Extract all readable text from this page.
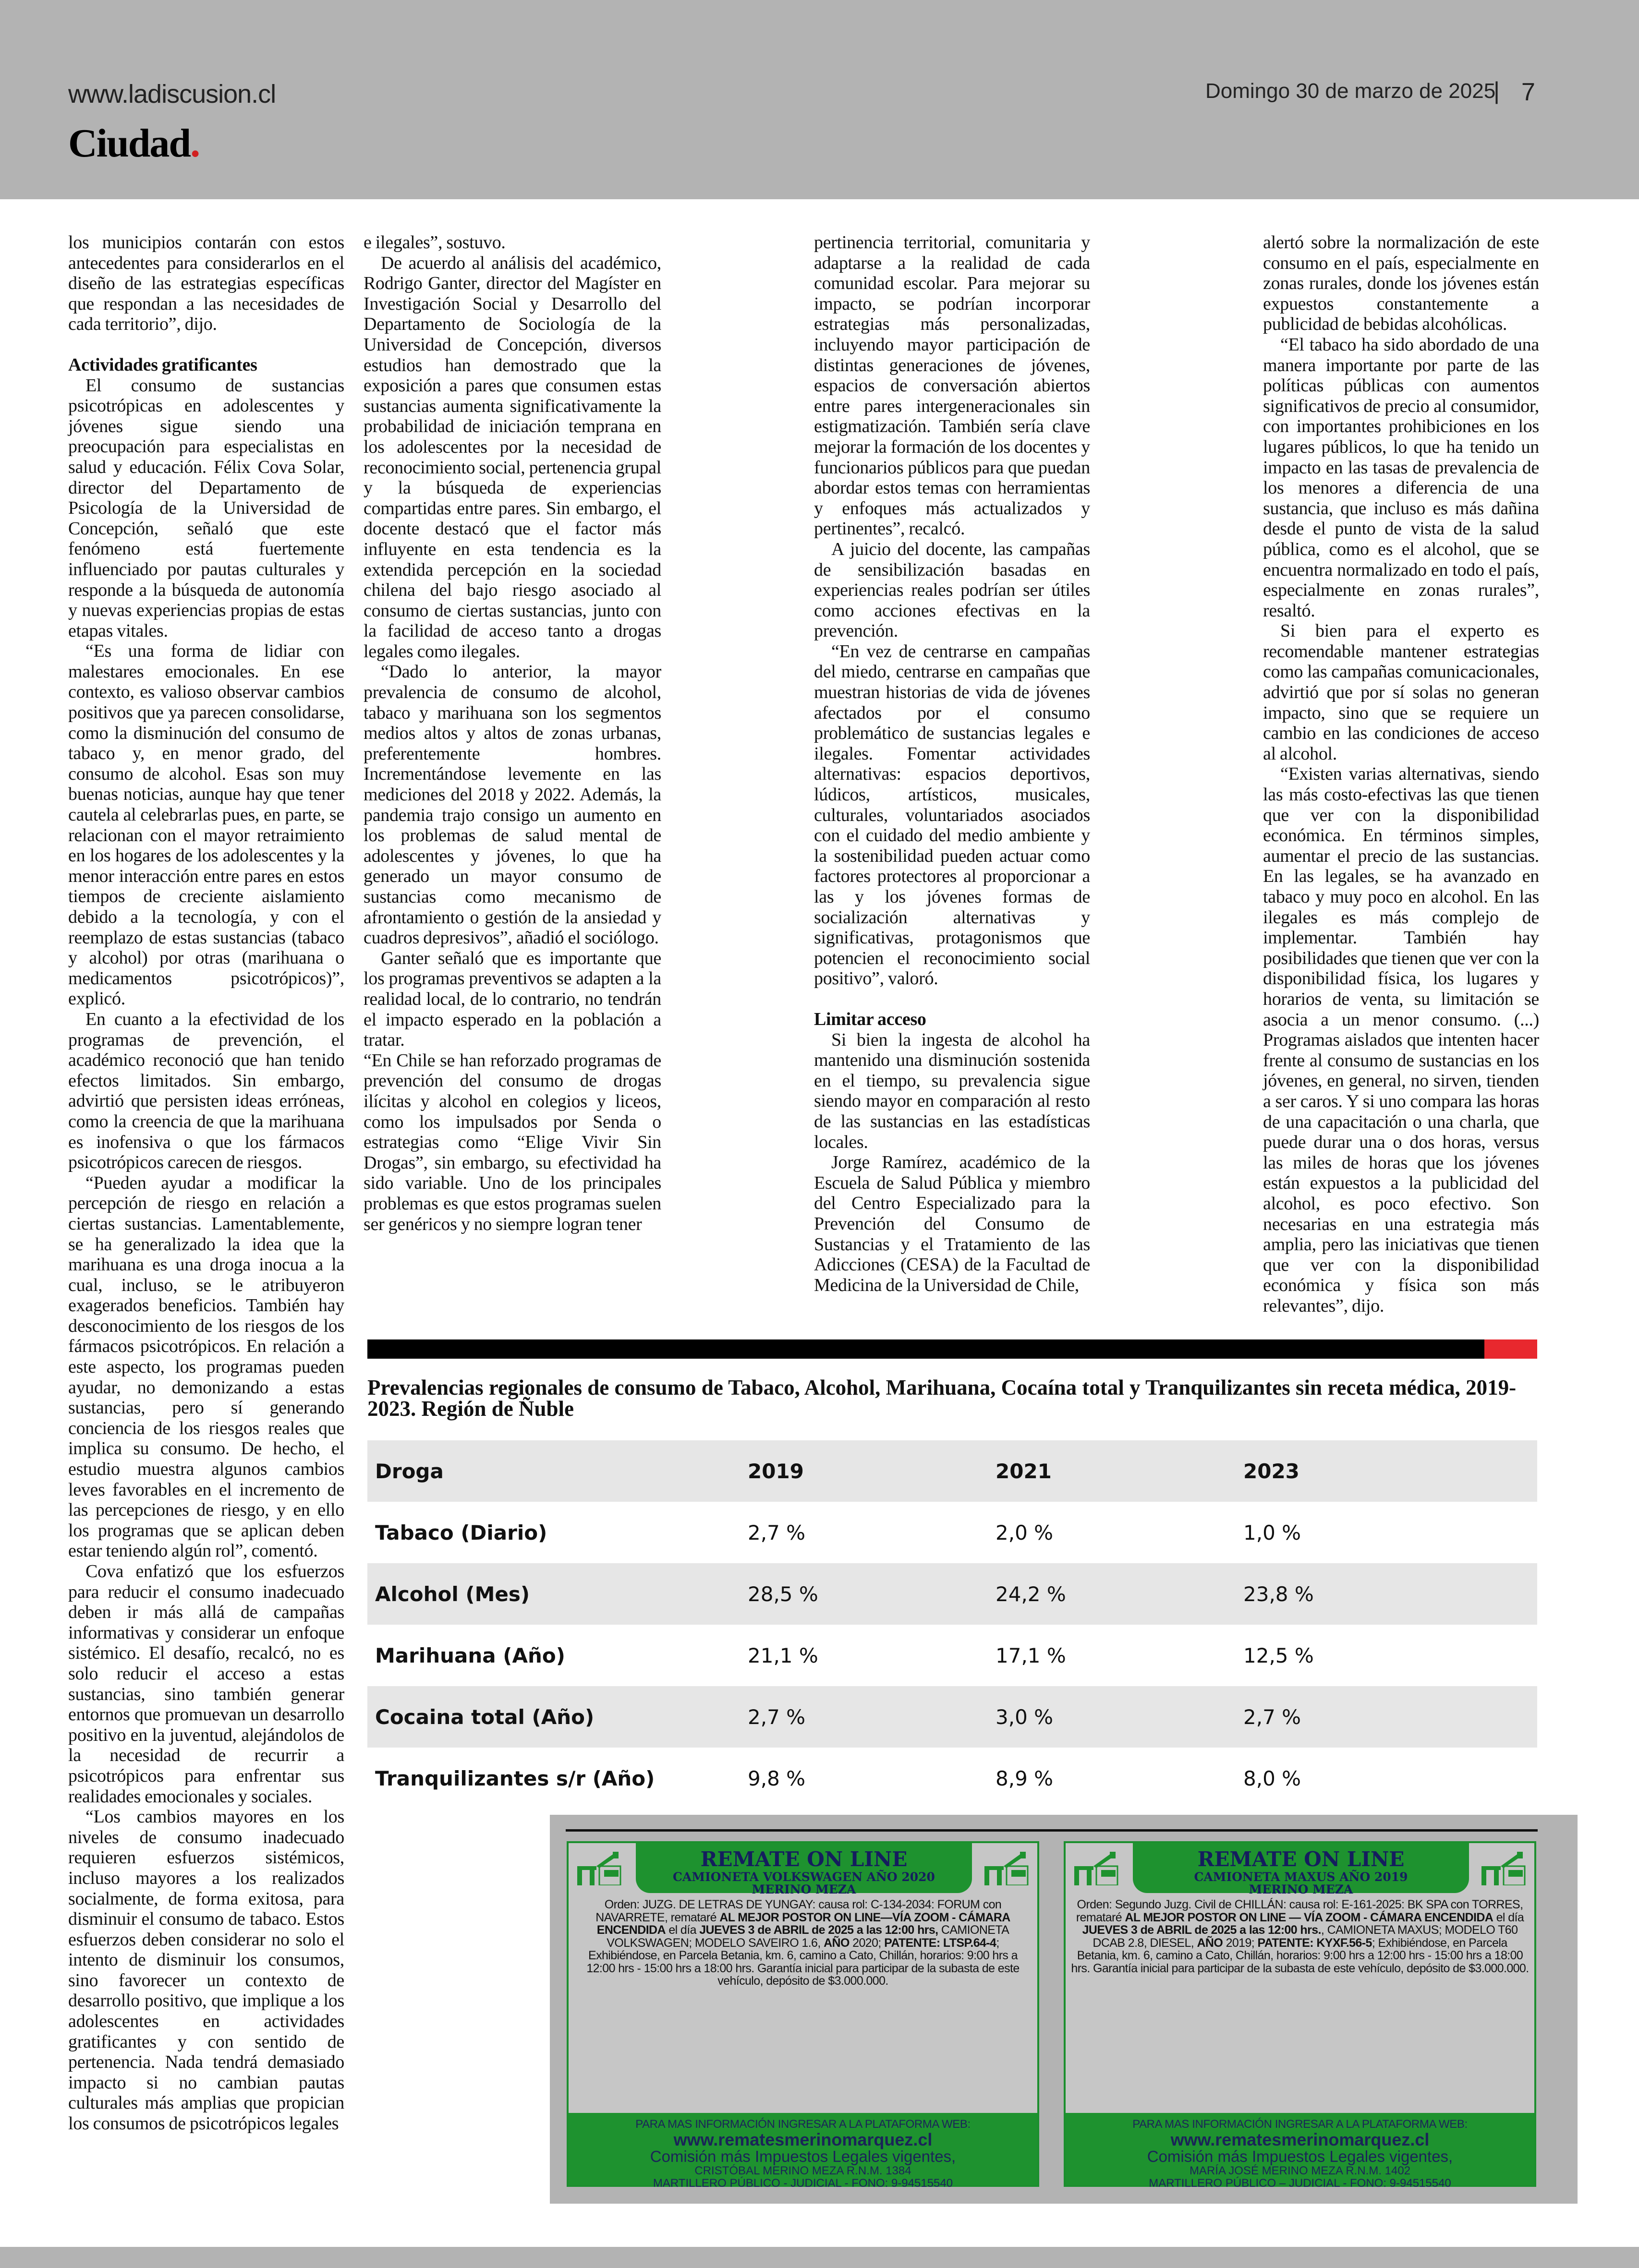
www.ladiscusion.cl
Ciudad.
Domingo 30 de marzo de 2025
| 7

los municipios contarán con estos antecedentes para considerarlos en el diseño de las estrategias específicas que respondan a las necesidades de cada territorio”, dijo.

Actividades gratificantes

El consumo de sustancias psicotrópicas en adolescentes y jóvenes sigue siendo una preocupación para especialistas en salud y educación. Félix Cova Solar, director del Departamento de Psicología de la Universidad de Concepción, señaló que este fenómeno está fuertemente influenciado por pautas culturales y responde a la búsqueda de autonomía y nuevas experiencias propias de estas etapas vitales.

“Es una forma de lidiar con malestares emocionales. En ese contexto, es valioso observar cambios positivos que ya parecen consolidarse, como la disminución del consumo de tabaco y, en menor grado, del consumo de alcohol. Esas son muy buenas noticias, aunque hay que tener cautela al celebrarlas pues, en parte, se relacionan con el mayor retraimiento en los hogares de los adolescentes y la menor interacción entre pares en estos tiempos de creciente aislamiento debido a la tecnología, y con el reemplazo de estas sustancias (tabaco y alcohol) por otras (marihuana o medicamentos psicotrópicos)”, explicó.

En cuanto a la efectividad de los programas de prevención, el académico reconoció que han tenido efectos limitados. Sin embargo, advirtió que persisten ideas erróneas, como la creencia de que la marihuana es inofensiva o que los fármacos psicotrópicos carecen de riesgos.

“Pueden ayudar a modificar la percepción de riesgo en relación a ciertas sustancias. Lamentablemente, se ha generalizado la idea que la marihuana es una droga inocua a la cual, incluso, se le atribuyeron exagerados beneficios. También hay desconocimiento de los riesgos de los fármacos psicotrópicos. En relación a este aspecto, los programas pueden ayudar, no demonizando a estas sustancias, pero sí generando conciencia de los riesgos reales que implica su consumo. De hecho, el estudio muestra algunos cambios leves favorables en el incremento de las percepciones de riesgo, y en ello los programas que se aplican deben estar teniendo algún rol”, comentó.

Cova enfatizó que los esfuerzos para reducir el consumo inadecuado deben ir más allá de campañas informativas y considerar un enfoque sistémico. El desafío, recalcó, no es solo reducir el acceso a estas sustancias, sino también generar entornos que promuevan un desarrollo positivo en la juventud, alejándolos de la necesidad de recurrir a psicotrópicos para enfrentar sus realidades emocionales y sociales.

“Los cambios mayores en los niveles de consumo inadecuado requieren esfuerzos sistémicos, incluso mayores a los realizados socialmente, de forma exitosa, para disminuir el consumo de tabaco. Estos esfuerzos deben considerar no solo el intento de disminuir los consumos, sino favorecer un contexto de desarrollo positivo, que implique a los adolescentes en actividades gratificantes y con sentido de pertenencia. Nada tendrá demasiado impacto si no cambian pautas culturales más amplias que propician los consumos de psicotrópicos legales

e ilegales”, sostuvo.

De acuerdo al análisis del académico, Rodrigo Ganter, director del Magíster en Investigación Social y Desarrollo del Departamento de Sociología de la Universidad de Concepción, diversos estudios han demostrado que la exposición a pares que consumen estas sustancias aumenta significativamente la probabilidad de iniciación temprana en los adolescentes por la necesidad de reconocimiento social, pertenencia grupal y la búsqueda de experiencias compartidas entre pares. Sin embargo, el docente destacó que el factor más influyente en esta tendencia es la extendida percepción en la sociedad chilena del bajo riesgo asociado al consumo de ciertas sustancias, junto con la facilidad de acceso tanto a drogas legales como ilegales.

“Dado lo anterior, la mayor prevalencia de consumo de alcohol, tabaco y marihuana son los segmentos medios altos y altos de zonas urbanas, preferentemente hombres. Incrementándose levemente en las mediciones del 2018 y 2022. Además, la pandemia trajo consigo un aumento en los problemas de salud mental de adolescentes y jóvenes, lo que ha generado un mayor consumo de sustancias como mecanismo de afrontamiento o gestión de la ansiedad y cuadros depresivos”, añadió el sociólogo.

Ganter señaló que es importante que los programas preventivos se adapten a la realidad local, de lo contrario, no tendrán el impacto esperado en la población a tratar.

“En Chile se han reforzado programas de prevención del consumo de drogas ilícitas y alcohol en colegios y liceos, como los impulsados por Senda o estrategias como “Elige Vivir Sin Drogas”, sin embargo, su efectividad ha sido variable. Uno de los principales problemas es que estos programas suelen ser genéricos y no siempre logran tener

pertinencia territorial, comunitaria y adaptarse a la realidad de cada comunidad escolar. Para mejorar su impacto, se podrían incorporar estrategias más personalizadas, incluyendo mayor participación de distintas generaciones de jóvenes, espacios de conversación abiertos entre pares intergeneracionales sin estigmatización. También sería clave mejorar la formación de los docentes y funcionarios públicos para que puedan abordar estos temas con herramientas y enfoques más actualizados y pertinentes”, recalcó.

A juicio del docente, las campañas de sensibilización basadas en experiencias reales podrían ser útiles como acciones efectivas en la prevención.

“En vez de centrarse en campañas del miedo, centrarse en campañas que muestran historias de vida de jóvenes afectados por el consumo problemático de sustancias legales e ilegales. Fomentar actividades alternativas: espacios deportivos, lúdicos, artísticos, musicales, culturales, voluntariados asociados con el cuidado del medio ambiente y la sostenibilidad pueden actuar como factores protectores al proporcionar a las y los jóvenes formas de socialización alternativas y significativas, protagonismos que potencien el reconocimiento social positivo”, valoró.

Limitar acceso

Si bien la ingesta de alcohol ha mantenido una disminución sostenida en el tiempo, su prevalencia sigue siendo mayor en comparación al resto de las sustancias en las estadísticas locales.

Jorge Ramírez, académico de la Escuela de Salud Pública y miembro del Centro Especializado para la Prevención del Consumo de Sustancias y el Tratamiento de las Adicciones (CESA) de la Facultad de Medicina de la Universidad de Chile,

alertó sobre la normalización de este consumo en el país, especialmente en zonas rurales, donde los jóvenes están expuestos constantemente a publicidad de bebidas alcohólicas.

“El tabaco ha sido abordado de una manera importante por parte de las políticas públicas con aumentos significativos de precio al consumidor, con importantes prohibiciones en los lugares públicos, lo que ha tenido un impacto en las tasas de prevalencia de los menores a diferencia de una sustancia, que incluso es más dañina desde el punto de vista de la salud pública, como es el alcohol, que se encuentra normalizado en todo el país, especialmente en zonas rurales”, resaltó.

Si bien para el experto es recomendable mantener estrategias como las campañas comunicacionales, advirtió que por sí solas no generan impacto, sino que se requiere un cambio en las condiciones de acceso al alcohol.

“Existen varias alternativas, siendo las más costo-efectivas las que tienen que ver con la disponibilidad económica. En términos simples, aumentar el precio de las sustancias. En las legales, se ha avanzado en tabaco y muy poco en alcohol. En las ilegales es más complejo de implementar. También hay posibilidades que tienen que ver con la disponibilidad física, los lugares y horarios de venta, su limitación se asocia a un menor consumo. (...) Programas aislados que intenten hacer frente al consumo de sustancias en los jóvenes, en general, no sirven, tienden a ser caros. Y si uno compara las horas de una capacitación o una charla, que puede durar una o dos horas, versus las miles de horas que los jóvenes están expuestos a la publicidad del alcohol, es poco efectivo. Son necesarias en una estrategia más amplia, pero las iniciativas que tienen que ver con la disponibilidad económica y física son más relevantes”, dijo.

Prevalencias regionales de consumo de Tabaco, Alcohol, Marihuana, Cocaína total y Tranquilizantes sin receta médica, 2019-2023. Región de Ñuble
Droga	2019	2021	2023
Tabaco (Diario)	2,7 %	2,0 %	1,0 %
Alcohol (Mes)	28,5 %	24,2 %	23,8 %
Marihuana (Año)	21,1 %	17,1 %	12,5 %
Cocaina total (Año)	2,7 %	3,0 %	2,7 %
Tranquilizantes s/r (Año)	9,8 %	8,9 %	8,0 %
REMATE ON LINE
CAMIONETA VOLKSWAGEN AÑO 2020
MERINO MEZA
Orden: JUZG. DE LETRAS DE YUNGAY: causa rol: C-134-2034: FORUM con NAVARRETE, remataré AL MEJOR POSTOR ON LINE—VÍA ZOOM - CÁMARA ENCENDIDA el día JUEVES 3 de ABRIL de 2025 a las 12:00 hrs, CAMIONETA VOLKSWAGEN; MODELO SAVEIRO 1.6, AÑO 2020; PATENTE: LTSP.64-4; Exhibiéndose, en Parcela Betania, km. 6, camino a Cato, Chillán, horarios: 9:00 hrs a 12:00 hrs - 15:00 hrs a 18:00 hrs. Garantía inicial para participar de la subasta de este vehículo, depósito de $3.000.000.
PARA MAS INFORMACIÓN INGRESAR A LA PLATAFORMA WEB:
www.rematesmerinomarquez.cl
Comisión más Impuestos Legales vigentes,
CRISTÓBAL MERINO MEZA R.N.M. 1384
MARTILLERO PÚBLICO - JUDICIAL - FONO: 9-94515540
REMATE ON LINE
CAMIONETA MAXUS AÑO 2019
MERINO MEZA
Orden: Segundo Juzg. Civil de CHILLÁN: causa rol: E-161-2025: BK SPA con TORRES, remataré AL MEJOR POSTOR ON LINE — VÍA ZOOM - CÁMARA ENCENDIDA el día JUEVES 3 de ABRIL de 2025 a las 12:00 hrs., CAMIONETA MAXUS; MODELO T60 DCAB 2.8, DIESEL, AÑO 2019; PATENTE: KYXF.56-5; Exhibiéndose, en Parcela Betania, km. 6, camino a Cato, Chillán, horarios: 9:00 hrs a 12:00 hrs - 15:00 hrs a 18:00 hrs. Garantía inicial para participar de la subasta de este vehículo, depósito de $3.000.000.
PARA MAS INFORMACIÓN INGRESAR A LA PLATAFORMA WEB:
www.rematesmerinomarquez.cl
Comisión más Impuestos Legales vigentes,
MARÍA JOSÉ MERINO MEZA R.N.M. 1402
MARTILLERO PÚBLICO – JUDICIAL - FONO: 9-94515540
